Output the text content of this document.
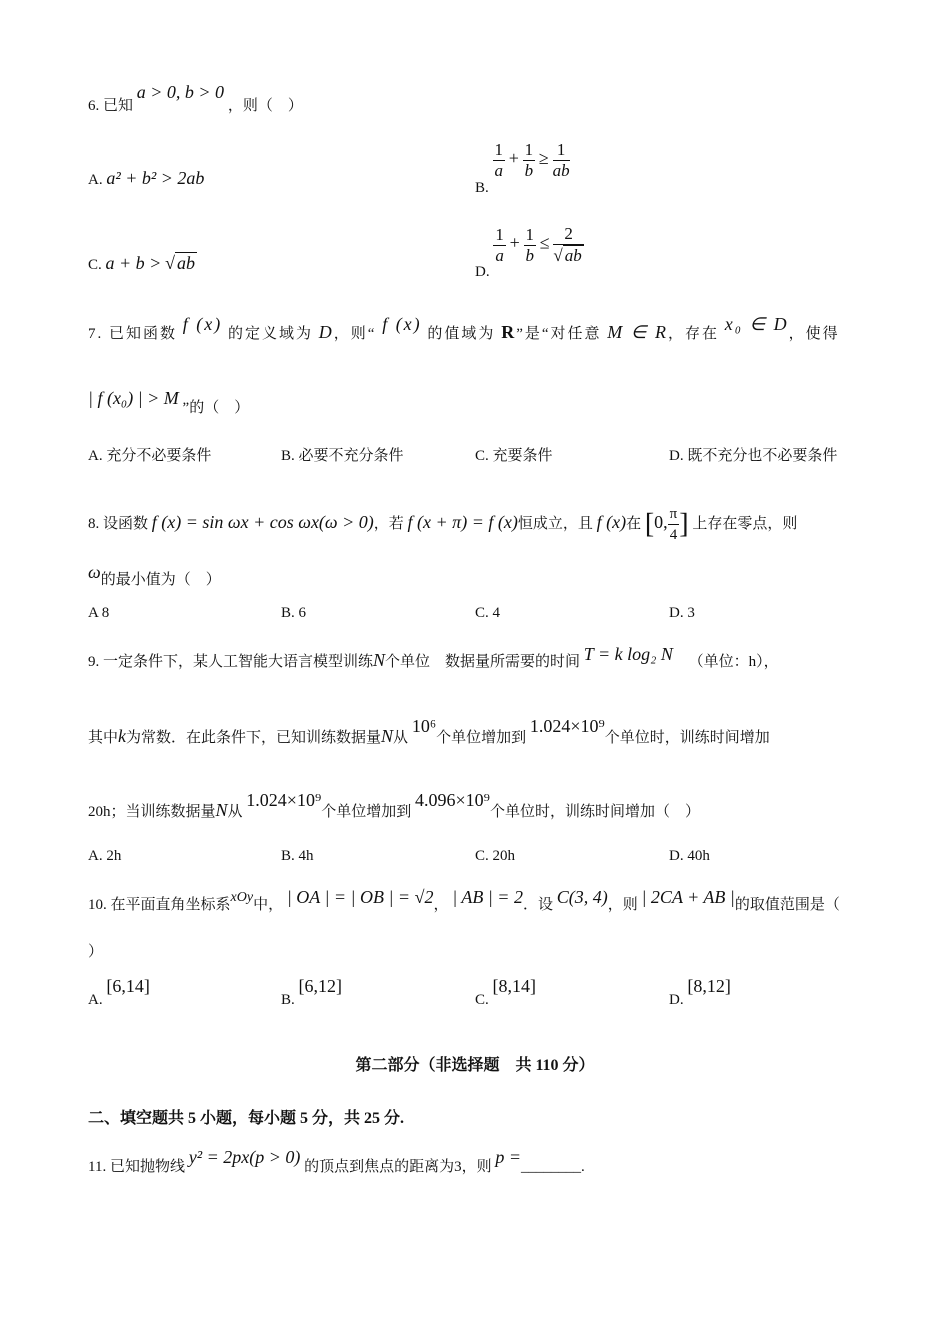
6. 已知 a > 0, b > 0 ，则（　）
A. a² + b² > 2ab	B.
$\frac{1}{a} + \frac{1}{b} \ge \frac{1}{ab}$
C. a + b > √ ab	D.
$\frac{1}{a} + \frac{1}{b} \le \frac{2}{√ ab}$
7. 已知函数 f (x) 的定义域为 D，则“ f (x) 的值域为 R”是“对任意 M ∈ R，存在 x₀ ∈ D，使得
| f (x₀) | > M ”的（　）
A. 充分不必要条件	B. 必要不充分条件	C. 充要条件	D. 既不充分也不必要条件
8. 设函数 f (x) = sin ωx + cos ωx(ω > 0)，若 f (x + π) = f (x)恒成立，且 f (x)在 [0, $\frac{\pi}{4}$ ] 上存在零点，则
ω的最小值为（　）
A 8	B. 6	C. 4	D. 3
9. 一定条件下，某人工智能大语言模型训练N个单位　数据量所需要的时间 T = k log₂ N （单位：h），
其中k为常数．在此条件下，已知训练数据量N从 10⁶个单位增加到 1.024×10⁹个单位时，训练时间增加
20h；当训练数据量N从 1.024×10⁹个单位增加到 4.096×10⁹个单位时，训练时间增加（　）
A. 2h	B. 4h	C. 20h	D. 40h
10. 在平面直角坐标系xOy中， | OA | = | OB | = √2， | AB | = 2．设 C(3, 4)，则 | 2CA + AB |的取值范围是（
）
A. [6,14]
B. [6,12]
C. [8,14]
D. [8,12]
第二部分（非选择题　共 110 分）
二、填空题共 5 小题，每小题 5 分，共 25 分.
11. 已知抛物线 y² = 2px(p > 0) 的顶点到焦点的距离为3，则 p =________.
